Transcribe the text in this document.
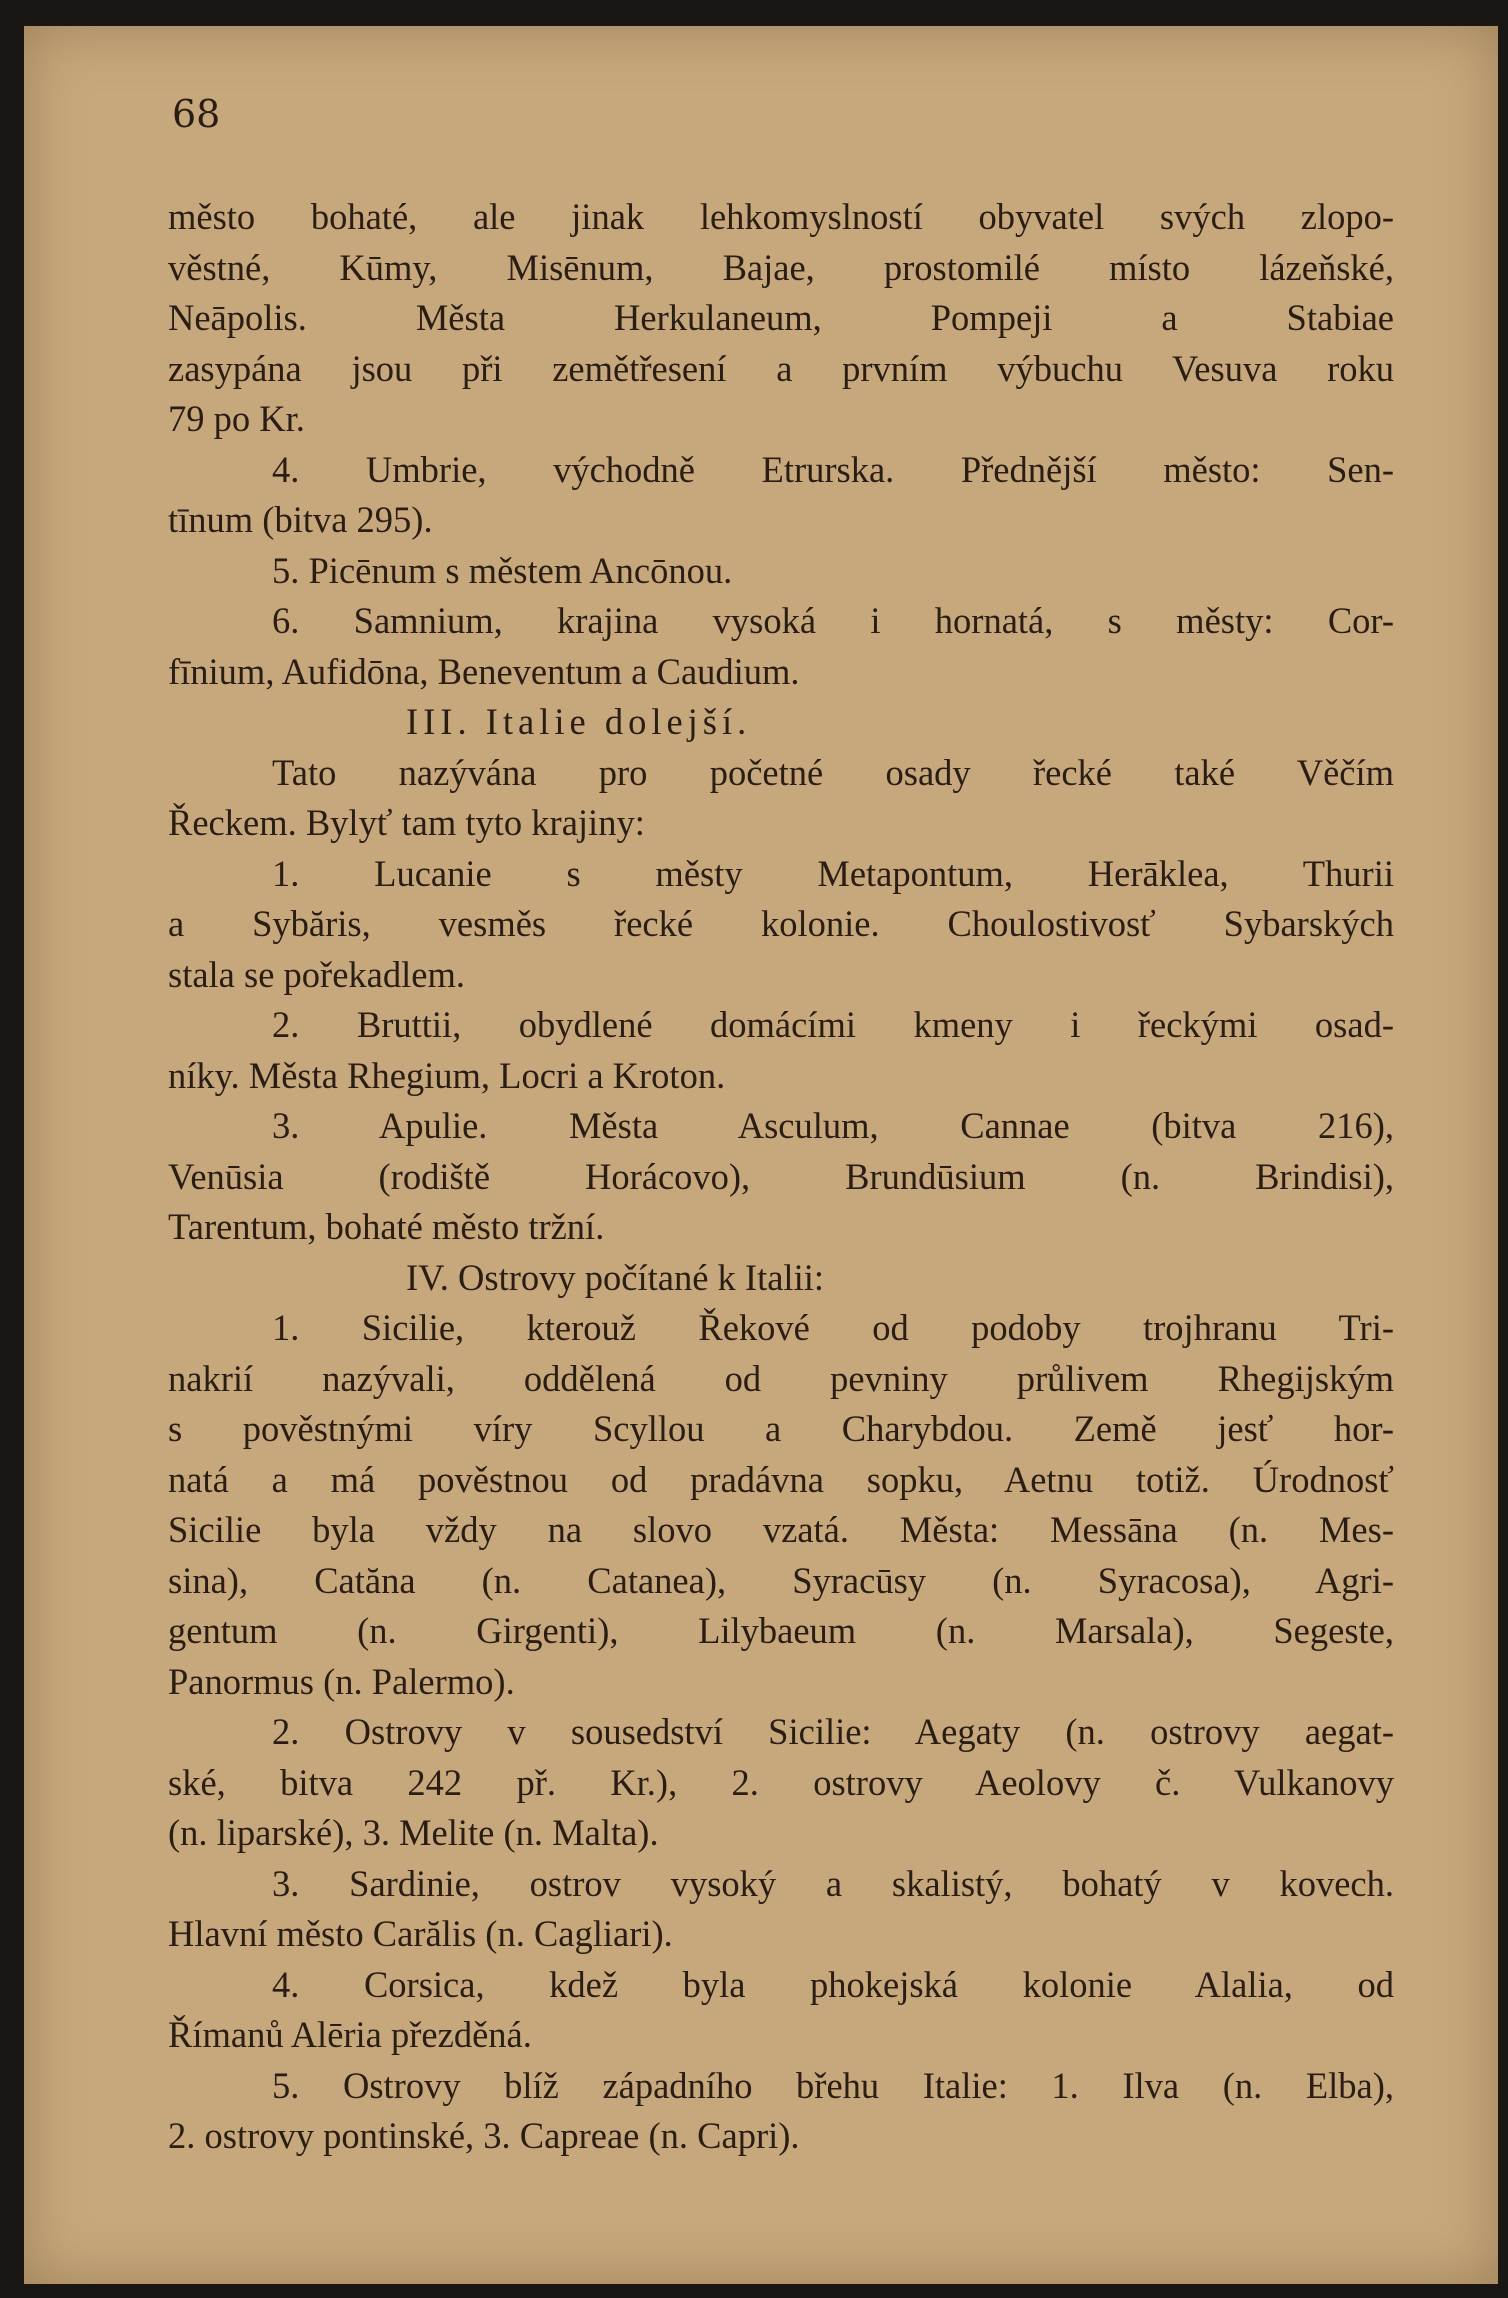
68
město bohaté, ale jinak lehkomyslností obyvatel svých zlopo-
věstné, Kūmy, Misēnum, Bajae, prostomilé místo lázeňské,
Neāpolis. Města Herkulaneum, Pompeji a Stabiae
zasypána jsou při zemětřesení a prvním výbuchu Vesuva roku
79 po Kr.
4. Umbrie, východně Etrurska. Přednější město: Sen-
tīnum (bitva 295).
5. Picēnum s městem Ancōnou.
6. Samnium, krajina vysoká i hornatá, s městy: Cor-
fīnium, Aufidōna, Beneventum a Caudium.
III. Italie dolejší.
Tato nazývána pro početné osady řecké také Věčím
Řeckem. Bylyť tam tyto krajiny:
1. Lucanie s městy Metapontum, Herāklea, Thurii
a Sybăris, vesměs řecké kolonie. Choulostivosť Sybarských
stala se pořekadlem.
2. Bruttii, obydlené domácími kmeny i řeckými osad-
níky. Města Rhegium, Locri a Kroton.
3. Apulie. Města Asculum, Cannae (bitva 216),
Venūsia (rodiště Horácovo), Brundūsium (n. Brindisi),
Tarentum, bohaté město tržní.
IV. Ostrovy počítané k Italii:
1. Sicilie, kterouž Řekové od podoby trojhranu Tri-
nakrií nazývali, oddělená od pevniny průlivem Rhegijským
s pověstnými víry Scyllou a Charybdou. Země jesť hor-
natá a má pověstnou od pradávna sopku, Aetnu totiž. Úrodnosť
Sicilie byla vždy na slovo vzatá. Města: Messāna (n. Mes-
sina), Catăna (n. Catanea), Syracūsy (n. Syracosa), Agri-
gentum (n. Girgenti), Lilybaeum (n. Marsala), Segeste,
Panormus (n. Palermo).
2. Ostrovy v sousedství Sicilie: Aegaty (n. ostrovy aegat-
ské, bitva 242 př. Kr.), 2. ostrovy Aeolovy č. Vulkanovy
(n. liparské), 3. Melite (n. Malta).
3. Sardinie, ostrov vysoký a skalistý, bohatý v kovech.
Hlavní město Carălis (n. Cagliari).
4. Corsica, kdež byla phokejská kolonie Alalia, od
Římanů Alēria přezděná.
5. Ostrovy blíž západního břehu Italie: 1. Ilva (n. Elba),
2. ostrovy pontinské, 3. Capreae (n. Capri).
